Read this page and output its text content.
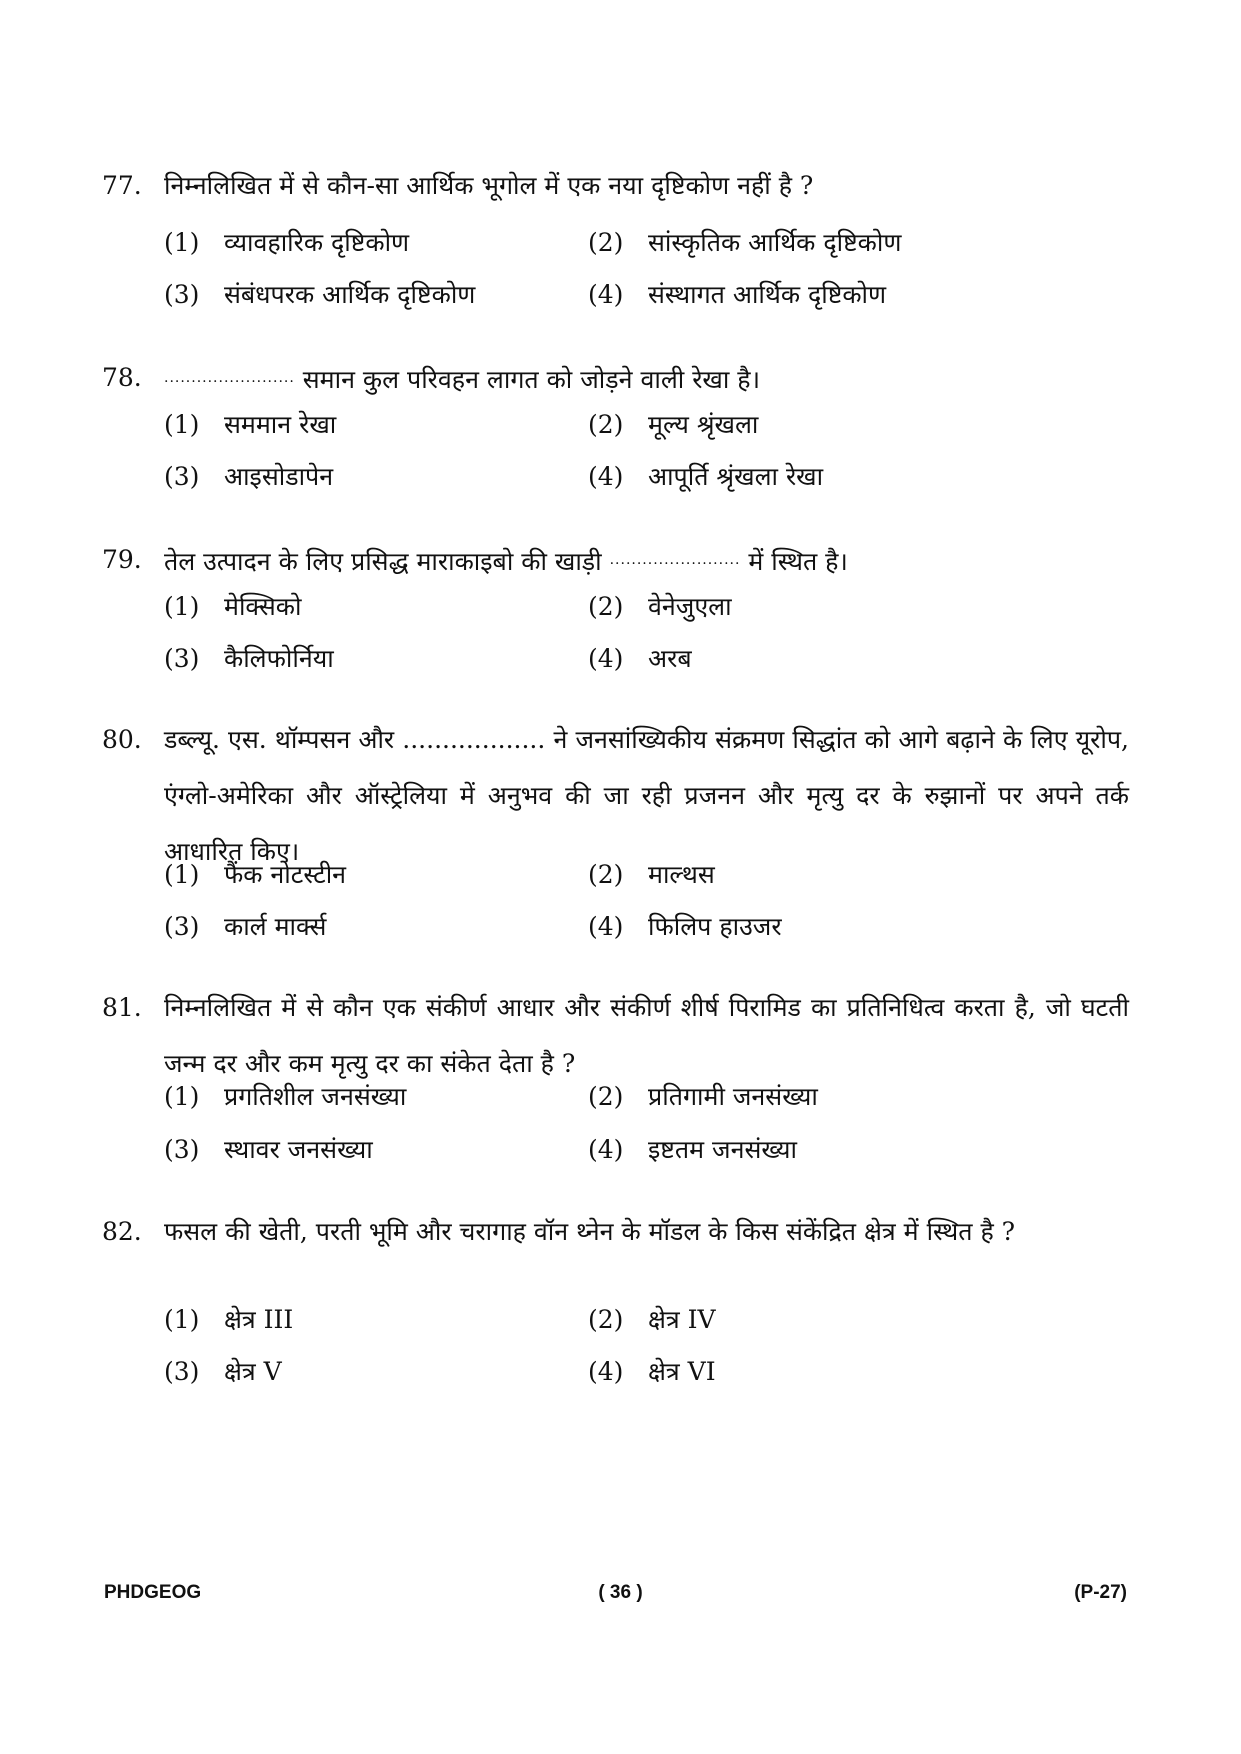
77. निम्नलिखित में से कौन-सा आर्थिक भूगोल में एक नया दृष्टिकोण नहीं है ?
(1) व्यावहारिक दृष्टिकोण	(2) सांस्कृतिक आर्थिक दृष्टिकोण
(3) संबंधपरक आर्थिक दृष्टिकोण	(4) संस्थागत आर्थिक दृष्टिकोण
78.	........................ समान कुल परिवहन लागत को जोड़ने वाली रेखा है।
(1) सममान रेखा	(2) मूल्य श्रृंखला
(3) आइसोडापेन	(4) आपूर्ति श्रृंखला रेखा
79. तेल उत्पादन के लिए प्रसिद्ध माराकाइबो की खाड़ी ........................ में स्थित है।
(1) मेक्सिको	(2) वेनेजुएला
(3) कैलिफोर्निया	(4) अरब
80. डब्ल्यू. एस. थॉम्पसन और .................. ने जनसांख्यिकीय संक्रमण सिद्धांत को आगे बढ़ाने के लिए यूरोप, एंग्लो-अमेरिका और ऑस्ट्रेलिया में अनुभव की जा रही प्रजनन और मृत्यु दर के रुझानों पर अपने तर्क आधारित किए।
(1) फैंक नोटस्टीन	(2) माल्थस
(3) कार्ल मार्क्स	(4) फिलिप हाउजर
81. निम्नलिखित में से कौन एक संकीर्ण आधार और संकीर्ण शीर्ष पिरामिड का प्रतिनिधित्व करता है, जो घटती जन्म दर और कम मृत्यु दर का संकेत देता है ?
(1) प्रगतिशील जनसंख्या	(2) प्रतिगामी जनसंख्या
(3) स्थावर जनसंख्या	(4) इष्टतम जनसंख्या
82. फसल की खेती, परती भूमि और चरागाह वॉन थ्नेन के मॉडल के किस संकेंद्रित क्षेत्र में स्थित है ?
(1) क्षेत्र III	(2) क्षेत्र IV
(3) क्षेत्र V	(4) क्षेत्र VI
PHDGEOG	( 36 )	(P-27)
